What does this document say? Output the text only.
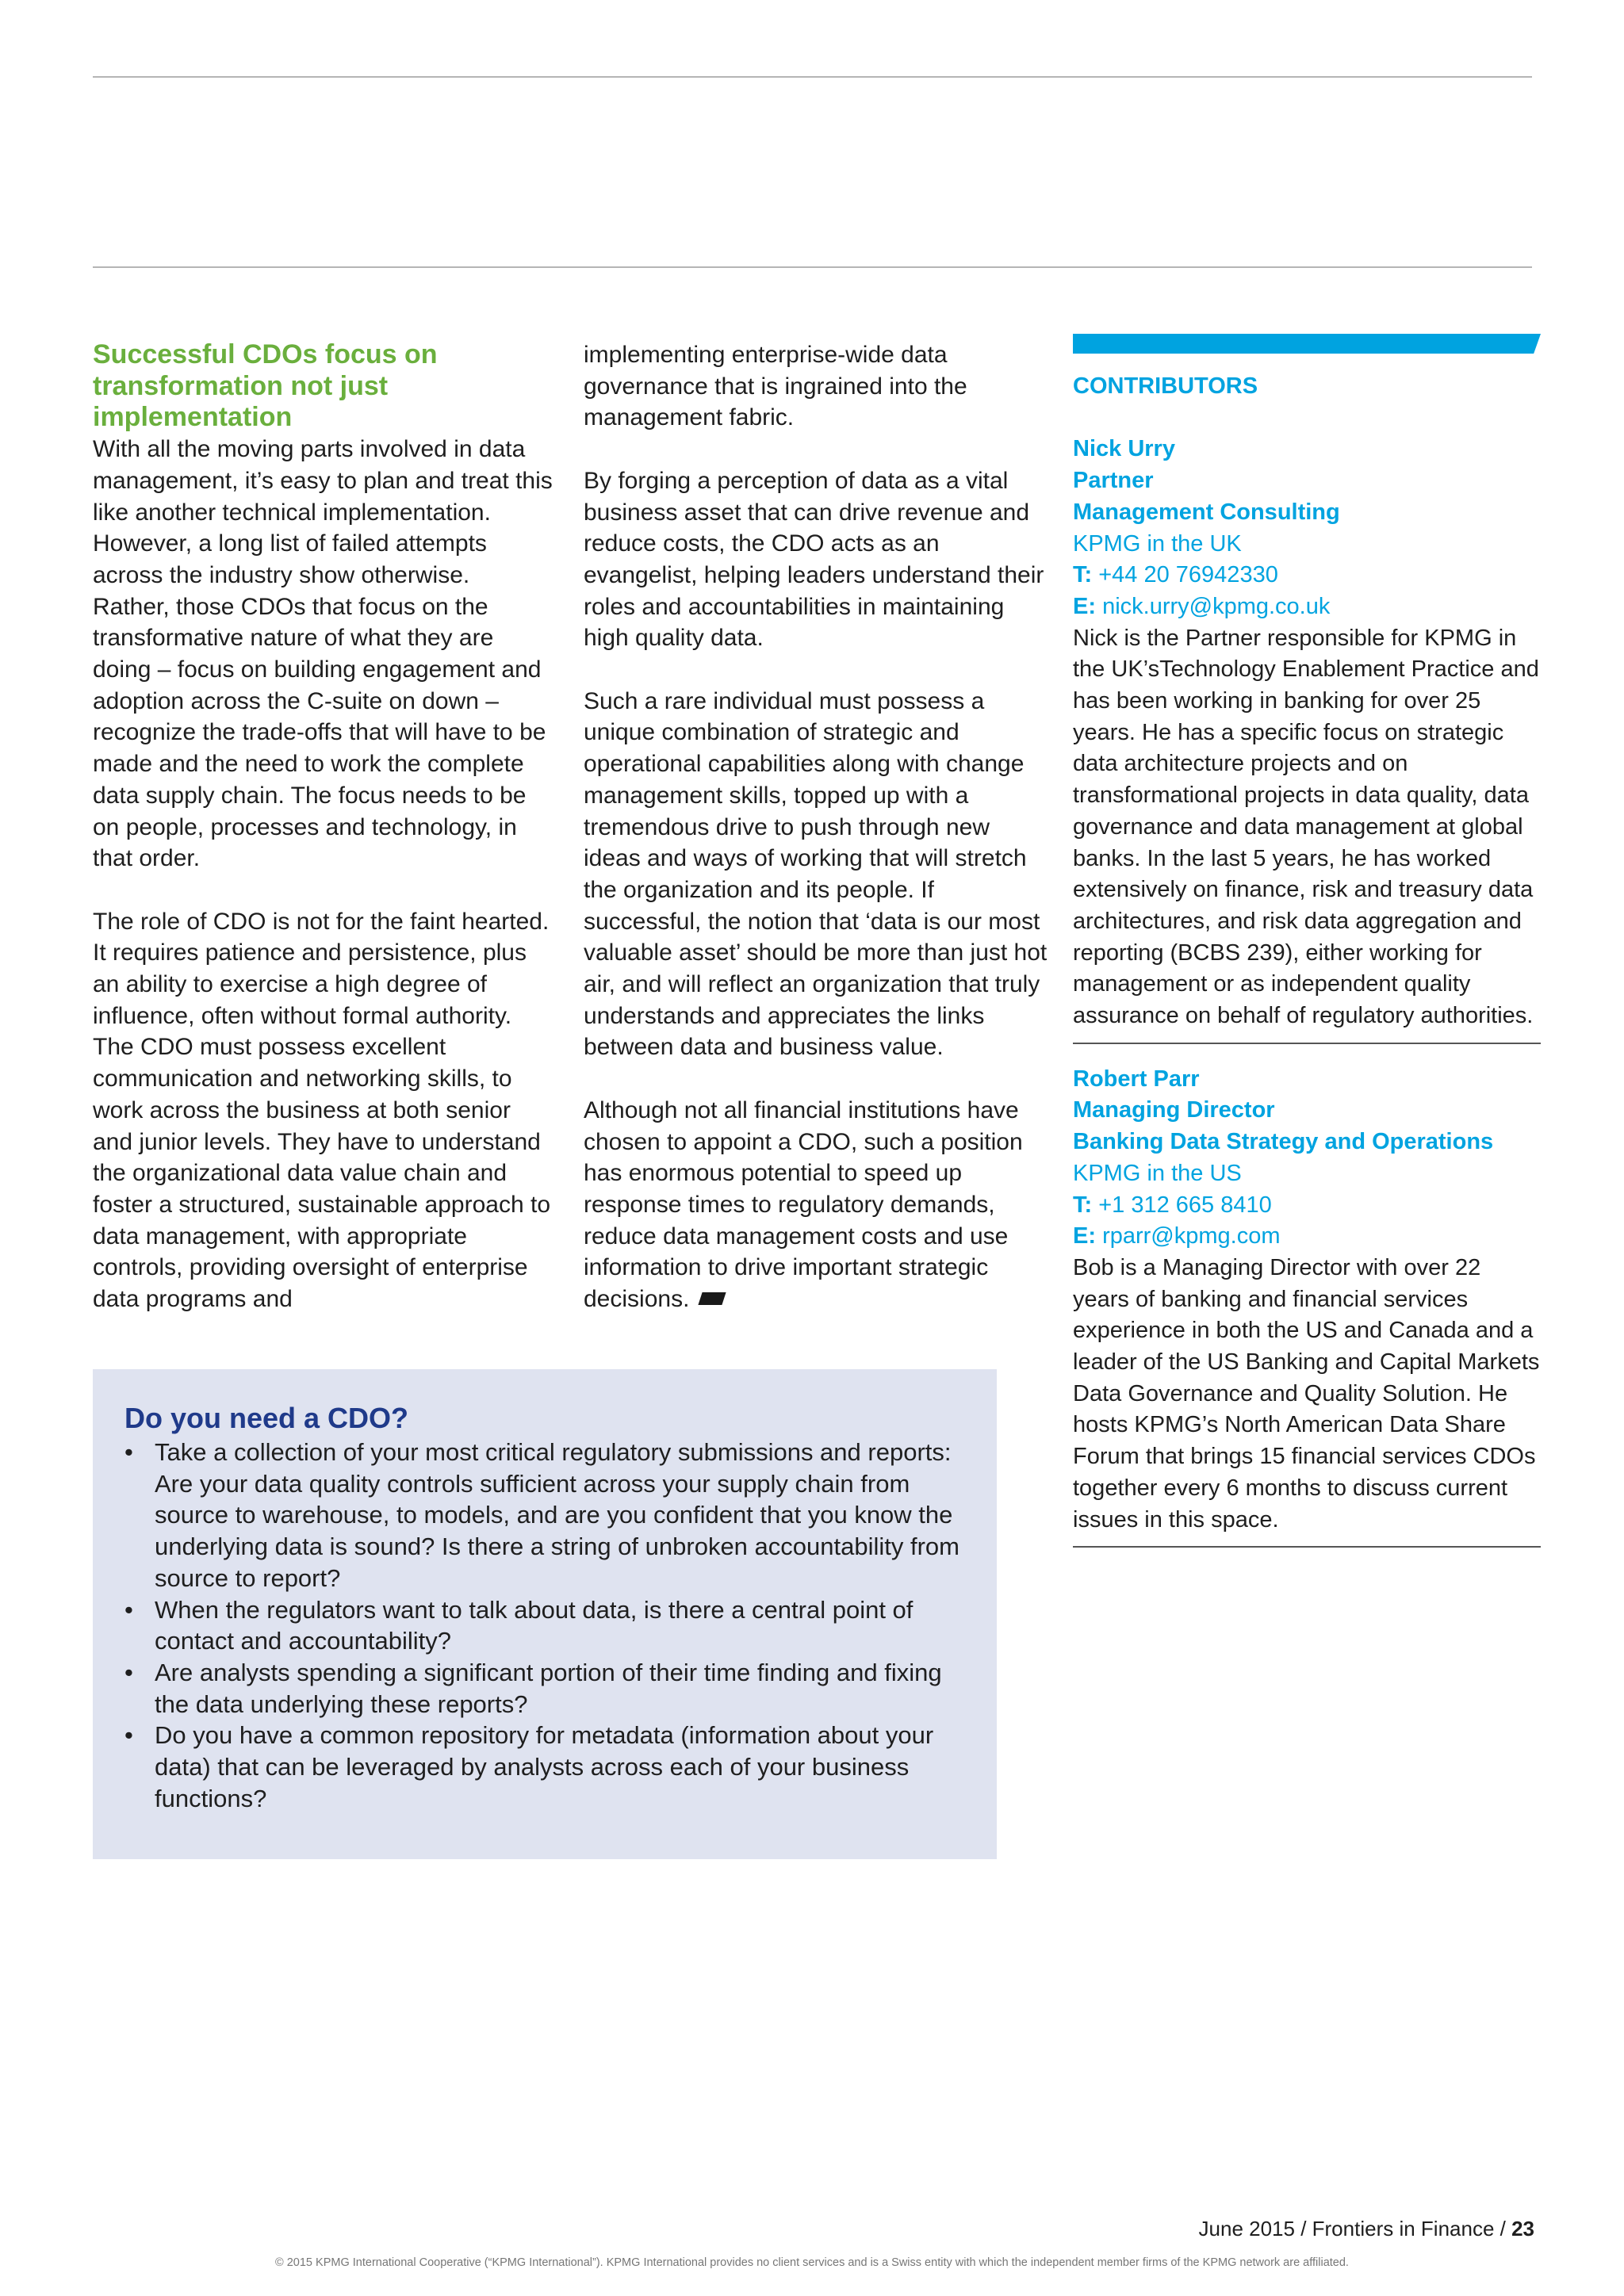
Successful CDOs focus on transformation not just implementation

With all the moving parts involved in data management, it’s easy to plan and treat this like another technical implementation. However, a long list of failed attempts across the industry show otherwise. Rather, those CDOs that focus on the transformative nature of what they are doing – focus on building engagement and adoption across the C-suite on down – recognize the trade-offs that will have to be made and the need to work the complete data supply chain. The focus needs to be on people, processes and technology, in that order.

The role of CDO is not for the faint hearted. It requires patience and persistence, plus an ability to exercise a high degree of influence, often without formal authority. The CDO must possess excellent communication and networking skills, to work across the business at both senior and junior levels. They have to understand the organizational data value chain and foster a structured, sustainable approach to data management, with appropriate controls, providing oversight of enterprise data programs and

implementing enterprise-wide data governance that is ingrained into the management fabric.

By forging a perception of data as a vital business asset that can drive revenue and reduce costs, the CDO acts as an evangelist, helping leaders understand their roles and accountabilities in maintaining high quality data.

Such a rare individual must possess a unique combination of strategic and operational capabilities along with change management skills, topped up with a tremendous drive to push through new ideas and ways of working that will stretch the organization and its people. If successful, the notion that ‘data is our most valuable asset’ should be more than just hot air, and will reflect an organization that truly understands and appreciates the links between data and business value.

Although not all financial institutions have chosen to appoint a CDO, such a position has enormous potential to speed up response times to regulatory demands, reduce data management costs and use information to drive important strategic decisions.

CONTRIBUTORS
Nick Urry
Partner
Management Consulting
KPMG in the UK
T: +44 20 76942330
E: nick.urry@kpmg.co.uk
Nick is the Partner responsible for KPMG in the UK’sTechnology Enablement Practice and has been working in banking for over 25 years. He has a specific focus on strategic data architecture projects and on transformational projects in data quality, data governance and data management at global banks. In the last 5 years, he has worked extensively on finance, risk and treasury data architectures, and risk data aggregation and reporting (BCBS 239), either working for management or as independent quality assurance on behalf of regulatory authorities.
Robert Parr
Managing Director
Banking Data Strategy and Operations
KPMG in the US
T: +1 312 665 8410
E: rparr@kpmg.com
Bob is a Managing Director with over 22 years of banking and financial services experience in both the US and Canada and a leader of the US Banking and Capital Markets Data Governance and Quality Solution. He hosts KPMG’s North American Data Share Forum that brings 15 financial services CDOs together every 6 months to discuss current issues in this space.
Do you need a CDO?
• Take a collection of your most critical regulatory submissions and reports: Are your data quality controls sufficient across your supply chain from source to warehouse, to models, and are you confident that you know the underlying data is sound? Is there a string of unbroken accountability from source to report?
• When the regulators want to talk about data, is there a central point of contact and accountability?
• Are analysts spending a significant portion of their time finding and fixing the data underlying these reports?
• Do you have a common repository for metadata (information about your data) that can be leveraged by analysts across each of your business functions?
June 2015 / Frontiers in Finance / 23
© 2015 KPMG International Cooperative (“KPMG International”). KPMG International provides no client services and is a Swiss entity with which the independent member firms of the KPMG network are affiliated.
